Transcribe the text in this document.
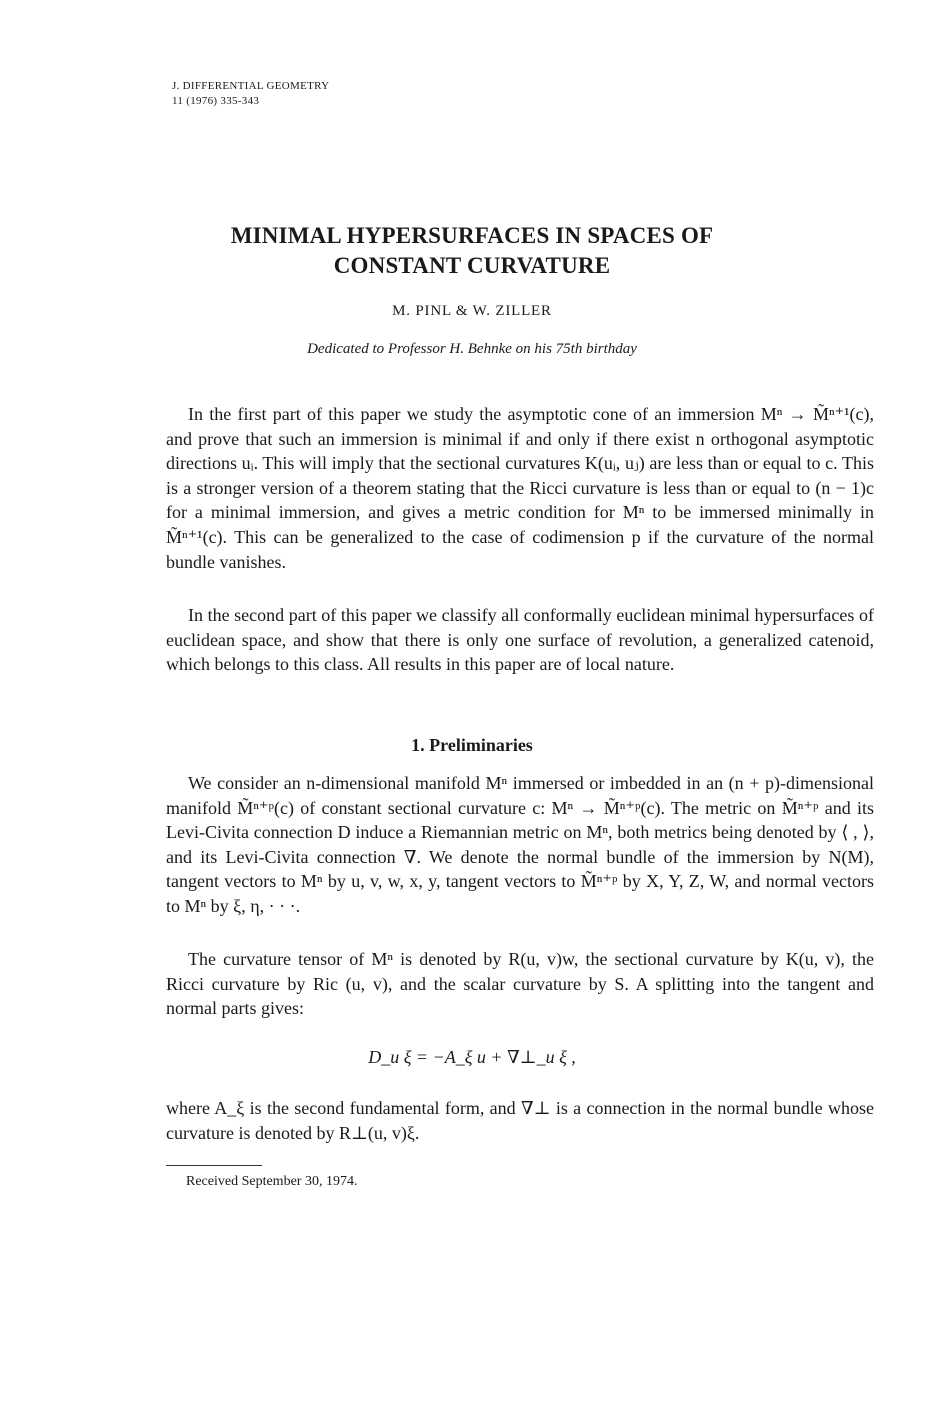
J. DIFFERENTIAL GEOMETRY
11 (1976) 335-343
MINIMAL HYPERSURFACES IN SPACES OF
CONSTANT CURVATURE
M. PINL & W. ZILLER
Dedicated to Professor H. Behnke on his 75th birthday

In the first part of this paper we study the asymptotic cone of an immersion Mⁿ → M̃ⁿ⁺¹(c), and prove that such an immersion is minimal if and only if there exist n orthogonal asymptotic directions uᵢ. This will imply that the sectional curvatures K(uᵢ, uⱼ) are less than or equal to c. This is a stronger version of a theorem stating that the Ricci curvature is less than or equal to (n − 1)c for a minimal immersion, and gives a metric condition for Mⁿ to be immersed minimally in M̃ⁿ⁺¹(c). This can be generalized to the case of codimension p if the curvature of the normal bundle vanishes.

In the second part of this paper we classify all conformally euclidean minimal hypersurfaces of euclidean space, and show that there is only one surface of revolution, a generalized catenoid, which belongs to this class. All results in this paper are of local nature.

1. Preliminaries

We consider an n-dimensional manifold Mⁿ immersed or imbedded in an (n + p)-dimensional manifold M̃ⁿ⁺ᵖ(c) of constant sectional curvature c: Mⁿ → M̃ⁿ⁺ᵖ(c). The metric on M̃ⁿ⁺ᵖ and its Levi-Civita connection D induce a Riemannian metric on Mⁿ, both metrics being denoted by ⟨ , ⟩, and its Levi-Civita connection ∇. We denote the normal bundle of the immersion by N(M), tangent vectors to Mⁿ by u, v, w, x, y, tangent vectors to M̃ⁿ⁺ᵖ by X, Y, Z, W, and normal vectors to Mⁿ by ξ, η, · · ·.

The curvature tensor of Mⁿ is denoted by R(u, v)w, the sectional curvature by K(u, v), the Ricci curvature by Ric (u, v), and the scalar curvature by S. A splitting into the tangent and normal parts gives:

D_u ξ = −A_ξ u + ∇⊥_u ξ ,

where A_ξ is the second fundamental form, and ∇⊥ is a connection in the normal bundle whose curvature is denoted by R⊥(u, v)ξ.

Received September 30, 1974.
